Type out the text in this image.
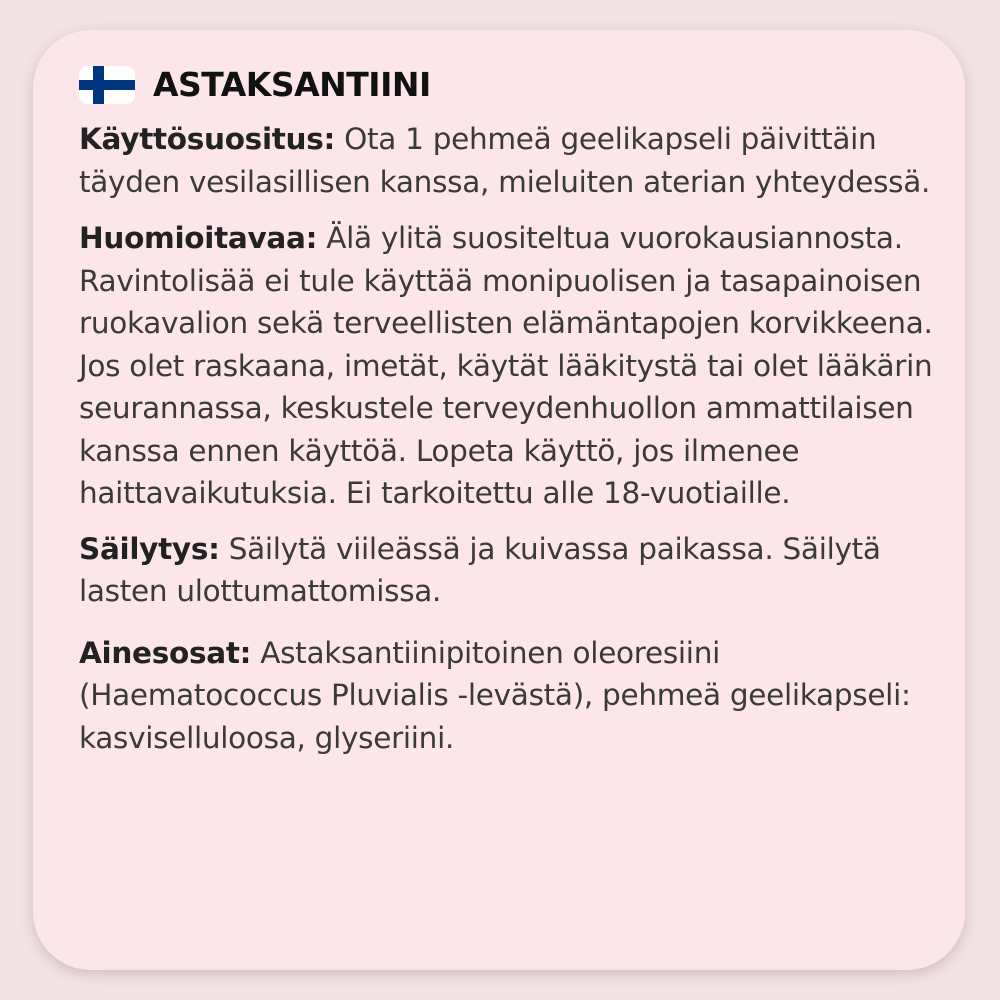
ASTAKSANTIINI

Käyttösuositus: Ota 1 pehmeä geelikapseli päivittäin täyden vesilasillisen kanssa, mieluiten aterian yhteydessä.

Huomioitavaa: Älä ylitä suositeltua vuorokausiannosta. Ravintolisää ei tule käyttää monipuolisen ja tasapainoisen ruokavalion sekä terveellisten elämäntapojen korvikkeena. Jos olet raskaana, imetät, käytät lääkitystä tai olet lääkärin seurannassa, keskustele terveydenhuollon ammattilaisen kanssa ennen käyttöä. Lopeta käyttö, jos ilmenee haittavaikutuksia. Ei tarkoitettu alle 18-vuotiaille.

Säilytys: Säilytä viileässä ja kuivassa paikassa. Säilytä lasten ulottumattomissa.

Ainesosat: Astaksantiinipitoinen oleoresiini (Haematococcus Pluvialis -levästä), pehmeä geelikapseli: kasviselluloosa, glyseriini.
